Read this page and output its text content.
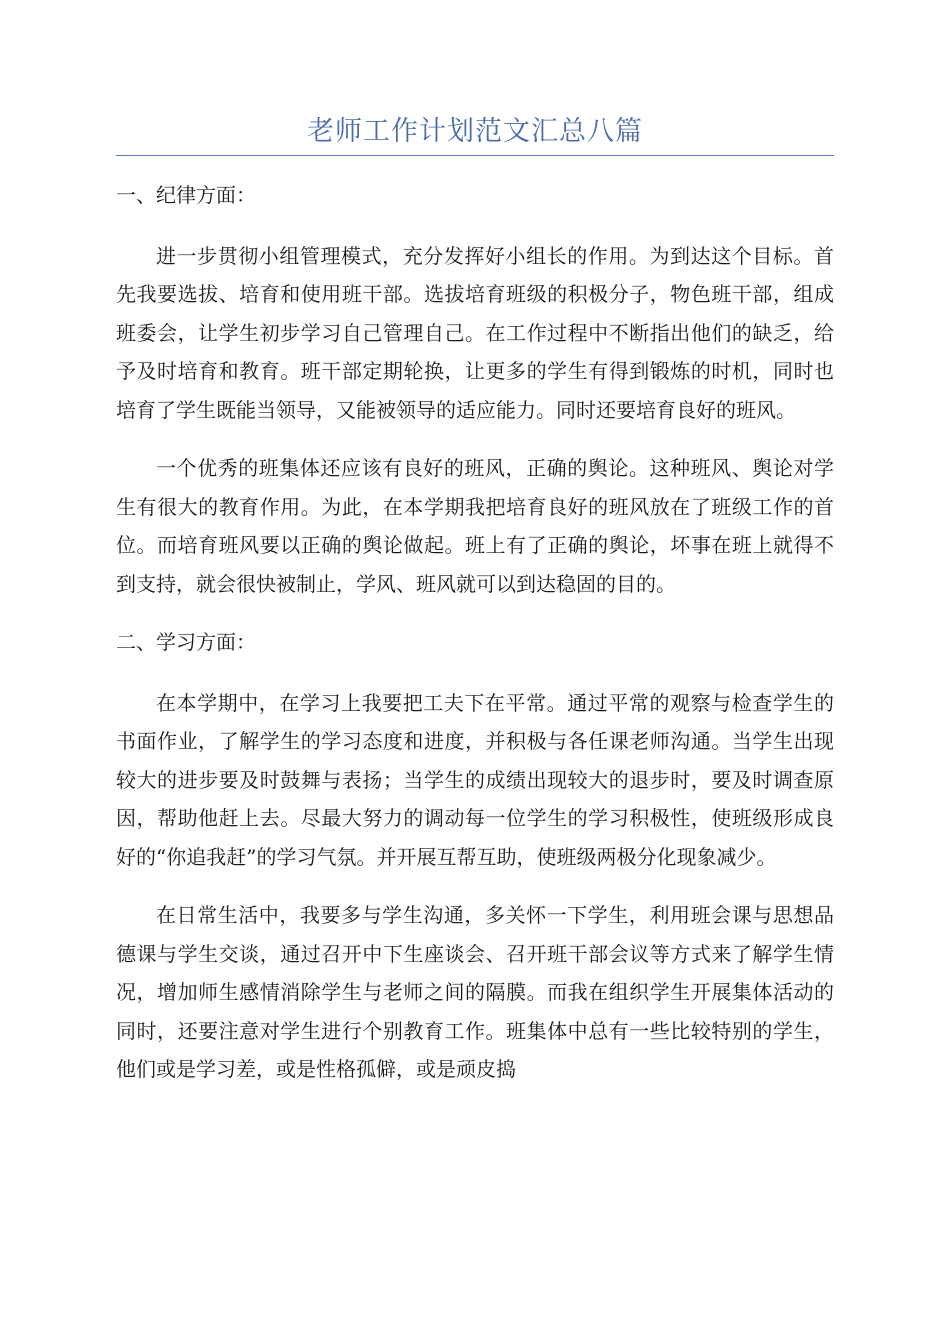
老师工作计划范文汇总八篇

一、纪律方面：

进一步贯彻小组管理模式，充分发挥好小组长的作用。为到达这个目标。首先我要选拔、培育和使用班干部。选拔培育班级的积极分子，物色班干部，组成班委会，让学生初步学习自己管理自己。在工作过程中不断指出他们的缺乏，给予及时培育和教育。班干部定期轮换，让更多的学生有得到锻炼的时机，同时也培育了学生既能当领导，又能被领导的适应能力。同时还要培育良好的班风。

一个优秀的班集体还应该有良好的班风，正确的舆论。这种班风、舆论对学生有很大的教育作用。为此，在本学期我把培育良好的班风放在了班级工作的首位。而培育班风要以正确的舆论做起。班上有了正确的舆论，坏事在班上就得不到支持，就会很快被制止，学风、班风就可以到达稳固的目的。

二、学习方面：

在本学期中，在学习上我要把工夫下在平常。通过平常的观察与检查学生的书面作业，了解学生的学习态度和进度，并积极与各任课老师沟通。当学生出现较大的进步要及时鼓舞与表扬；当学生的成绩出现较大的退步时，要及时调查原因，帮助他赶上去。尽最大努力的调动每一位学生的学习积极性，使班级形成良好的“你追我赶”的学习气氛。并开展互帮互助，使班级两极分化现象减少。

在日常生活中，我要多与学生沟通，多关怀一下学生，利用班会课与思想品德课与学生交谈，通过召开中下生座谈会、召开班干部会议等方式来了解学生情况，增加师生感情消除学生与老师之间的隔膜。而我在组织学生开展集体活动的同时，还要注意对学生进行个别教育工作。班集体中总有一些比较特别的学生，他们或是学习差，或是性格孤僻，或是顽皮捣
